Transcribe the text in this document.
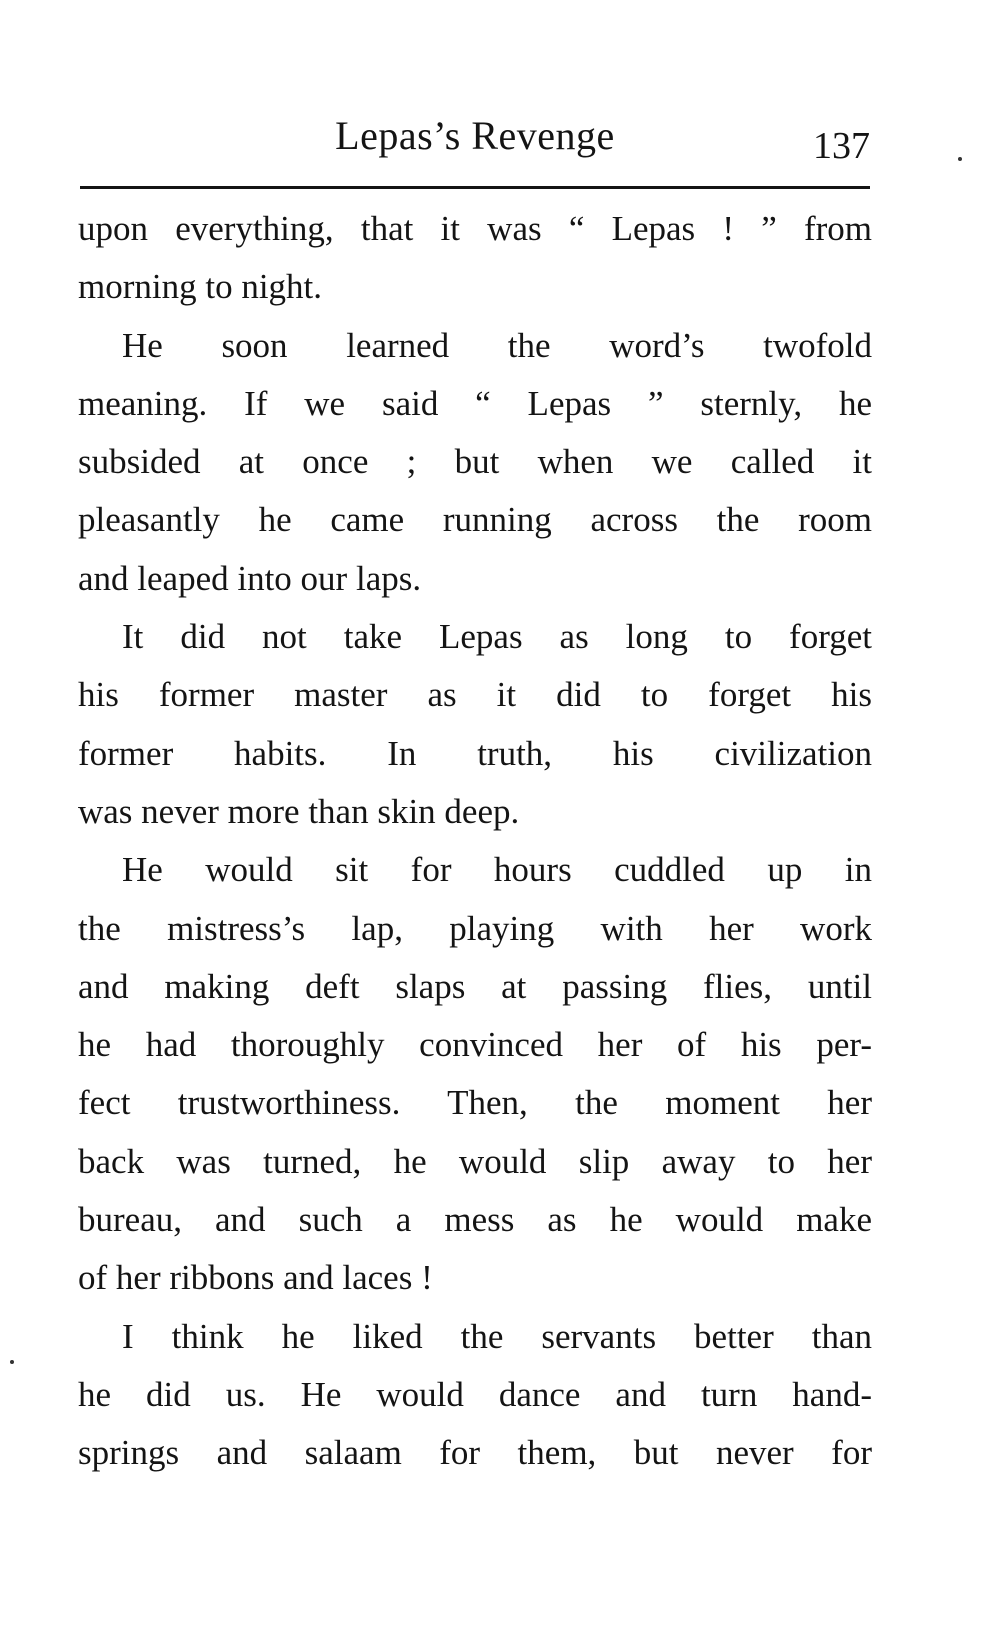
Lepas’s Revenge	137
upon everything, that it was “ Lepas ! ” from
morning to night.
He soon learned the word’s twofold
meaning. If we said “ Lepas ” sternly, he
subsided at once ; but when we called it
pleasantly he came running across the room
and leaped into our laps.
It did not take Lepas as long to forget
his former master as it did to forget his
former habits. In truth, his civilization
was never more than skin deep.
He would sit for hours cuddled up in
the mistress’s lap, playing with her work
and making deft slaps at passing flies, until
he had thoroughly convinced her of his per-
fect trustworthiness. Then, the moment her
back was turned, he would slip away to her
bureau, and such a mess as he would make
of her ribbons and laces !
I think he liked the servants better than
he did us. He would dance and turn hand-
springs and salaam for them, but never for
